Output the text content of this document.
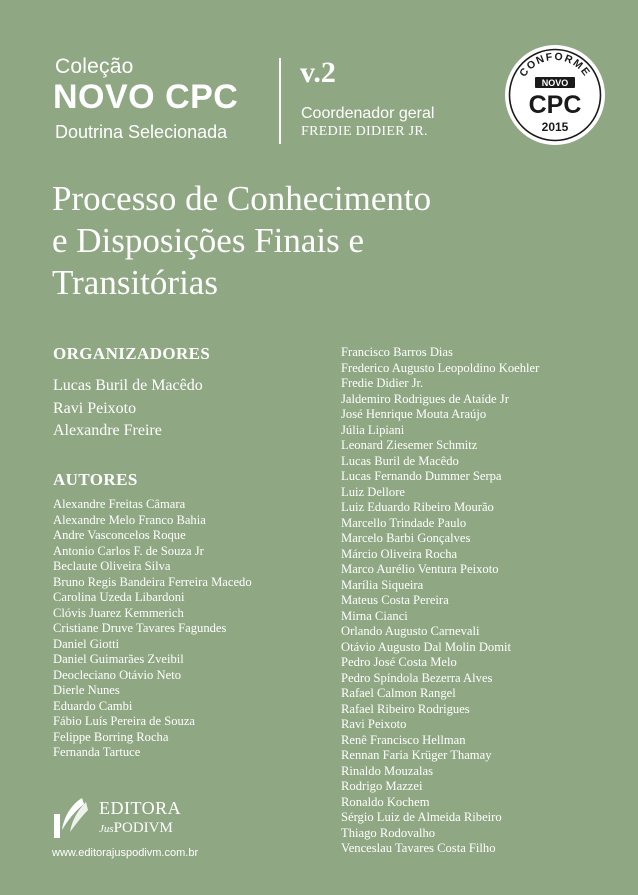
Coleção
NOVO CPC
Doutrina Selecionada
v.2
Coordenador geral
FREDIE DIDIER JR.
CONFORME
NOVO
CPC
2015
Processo de Conhecimento
e Disposições Finais e
Transitórias
ORGANIZADORES
Lucas Buril de Macêdo
Ravi Peixoto
Alexandre Freire
AUTORES
Alexandre Freitas Câmara
Alexandre Melo Franco Bahia
Andre Vasconcelos Roque
Antonio Carlos F. de Souza Jr
Beclaute Oliveira Silva
Bruno Regis Bandeira Ferreira Macedo
Carolina Uzeda Libardoni
Clóvis Juarez Kemmerich
Cristiane Druve Tavares Fagundes
Daniel Giotti
Daniel Guimarães Zveibil
Deocleciano Otávio Neto
Dierle Nunes
Eduardo Cambi
Fábio Luís Pereira de Souza
Felippe Borring Rocha
Fernanda Tartuce
Francisco Barros Dias
Frederico Augusto Leopoldino Koehler
Fredie Didier Jr.
Jaldemiro Rodrigues de Ataíde Jr
José Henrique Mouta Araújo
Júlia Lipiani
Leonard Ziesemer Schmitz
Lucas Buril de Macêdo
Lucas Fernando Dummer Serpa
Luiz Dellore
Luiz Eduardo Ribeiro Mourão
Marcello Trindade Paulo
Marcelo Barbi Gonçalves
Márcio Oliveira Rocha
Marco Aurélio Ventura Peixoto
Marília Siqueira
Mateus Costa Pereira
Mirna Cianci
Orlando Augusto Carnevali
Otávio Augusto Dal Molin Domit
Pedro José Costa Melo
Pedro Spíndola Bezerra Alves
Rafael Calmon Rangel
Rafael Ribeiro Rodrigues
Ravi Peixoto
Renê Francisco Hellman
Rennan Faria Krüger Thamay
Rinaldo Mouzalas
Rodrigo Mazzei
Ronaldo Kochem
Sérgio Luiz de Almeida Ribeiro
Thiago Rodovalho
Venceslau Tavares Costa Filho
EDITORA
JusPODIVM
www.editorajuspodivm.com.br
